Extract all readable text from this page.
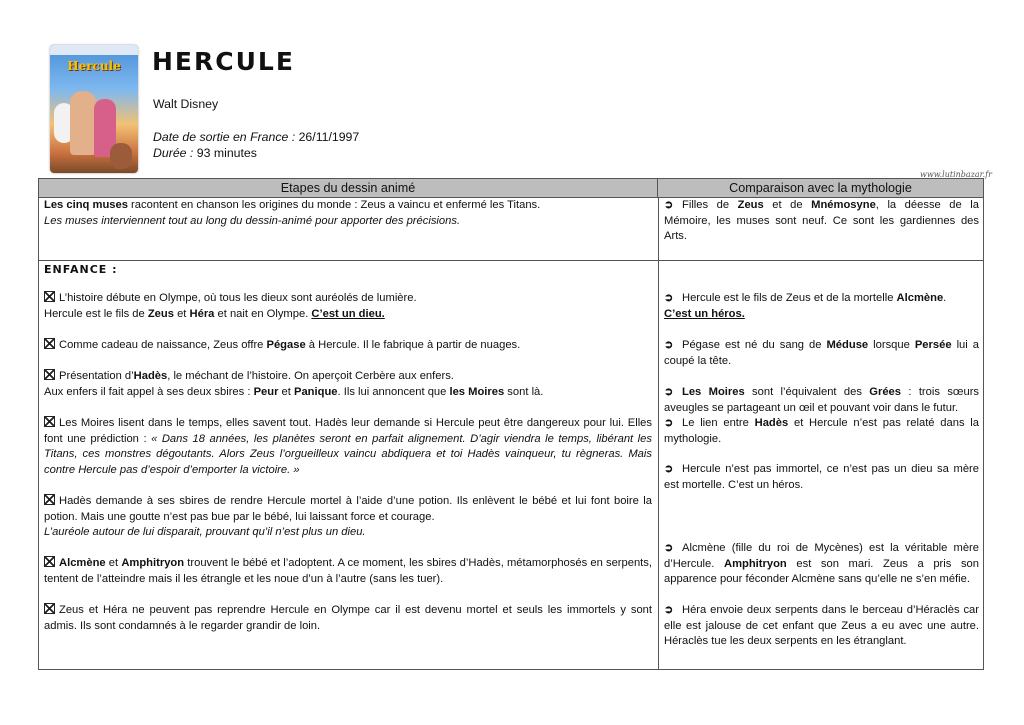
Hercule	HERCULE
Walt Disney
Date de sortie en France : 26/11/1997
Durée : 93 minutes
www.lutinbazar.fr
Etapes du dessin animé	Comparaison avec la mythologie
Les cinq muses racontent en chanson les origines du monde : Zeus a vaincu et enfermé les Titans.
Les muses interviennent tout au long du dessin-animé pour apporter des précisions.
➲ Filles de Zeus et de Mnémosyne, la déesse de la Mémoire, les muses sont neuf. Ce sont les gardiennes des Arts.
ENFANCE :
L’histoire débute en Olympe, où tous les dieux sont auréolés de lumière.
Hercule est le fils de Zeus et Héra et nait en Olympe. C’est un dieu.
Comme cadeau de naissance, Zeus offre Pégase à Hercule. Il le fabrique à partir de nuages.
Présentation d’Hadès, le méchant de l’histoire. On aperçoit Cerbère aux enfers.
Aux enfers il fait appel à ses deux sbires : Peur et Panique. Ils lui annoncent que les Moires sont là.
Les Moires lisent dans le temps, elles savent tout. Hadès leur demande si Hercule peut être dangereux pour lui. Elles font une prédiction : « Dans 18 années, les planètes seront en parfait alignement. D’agir viendra le temps, libérant les Titans, ces monstres dégoutants. Alors Zeus l’orgueilleux vaincu abdiquera et toi Hadès vainqueur, tu règneras. Mais contre Hercule pas d’espoir d’emporter la victoire. »
Hadès demande à ses sbires de rendre Hercule mortel à l’aide d’une potion. Ils enlèvent le bébé et lui font boire la potion. Mais une goutte n’est pas bue par le bébé, lui laissant force et courage.
L’auréole autour de lui disparait, prouvant qu’il n’est plus un dieu.
Alcmène et Amphitryon trouvent le bébé et l’adoptent. A ce moment, les sbires d’Hadès, métamorphosés en serpents, tentent de l’atteindre mais il les étrangle et les noue d’un à l’autre (sans les tuer).
Zeus et Héra ne peuvent pas reprendre Hercule en Olympe car il est devenu mortel et seuls les immortels y sont admis. Ils sont condamnés à le regarder grandir de loin.
➲ Hercule est le fils de Zeus et de la mortelle Alcmène.
C’est un héros.
➲ Pégase est né du sang de Méduse lorsque Persée lui a coupé la tête.
➲ Les Moires sont l’équivalent des Grées : trois sœurs aveugles se partageant un œil et pouvant voir dans le futur.
➲ Le lien entre Hadès et Hercule n’est pas relaté dans la mythologie.
➲ Hercule n’est pas immortel, ce n’est pas un dieu sa mère est mortelle. C’est un héros.
➲ Alcmène (fille du roi de Mycènes) est la véritable mère d’Hercule. Amphitryon est son mari. Zeus a pris son apparence pour féconder Alcmène sans qu’elle ne s’en méfie.
➲ Héra envoie deux serpents dans le berceau d’Héraclès car elle est jalouse de cet enfant que Zeus a eu avec une autre. Héraclès tue les deux serpents en les étranglant.
